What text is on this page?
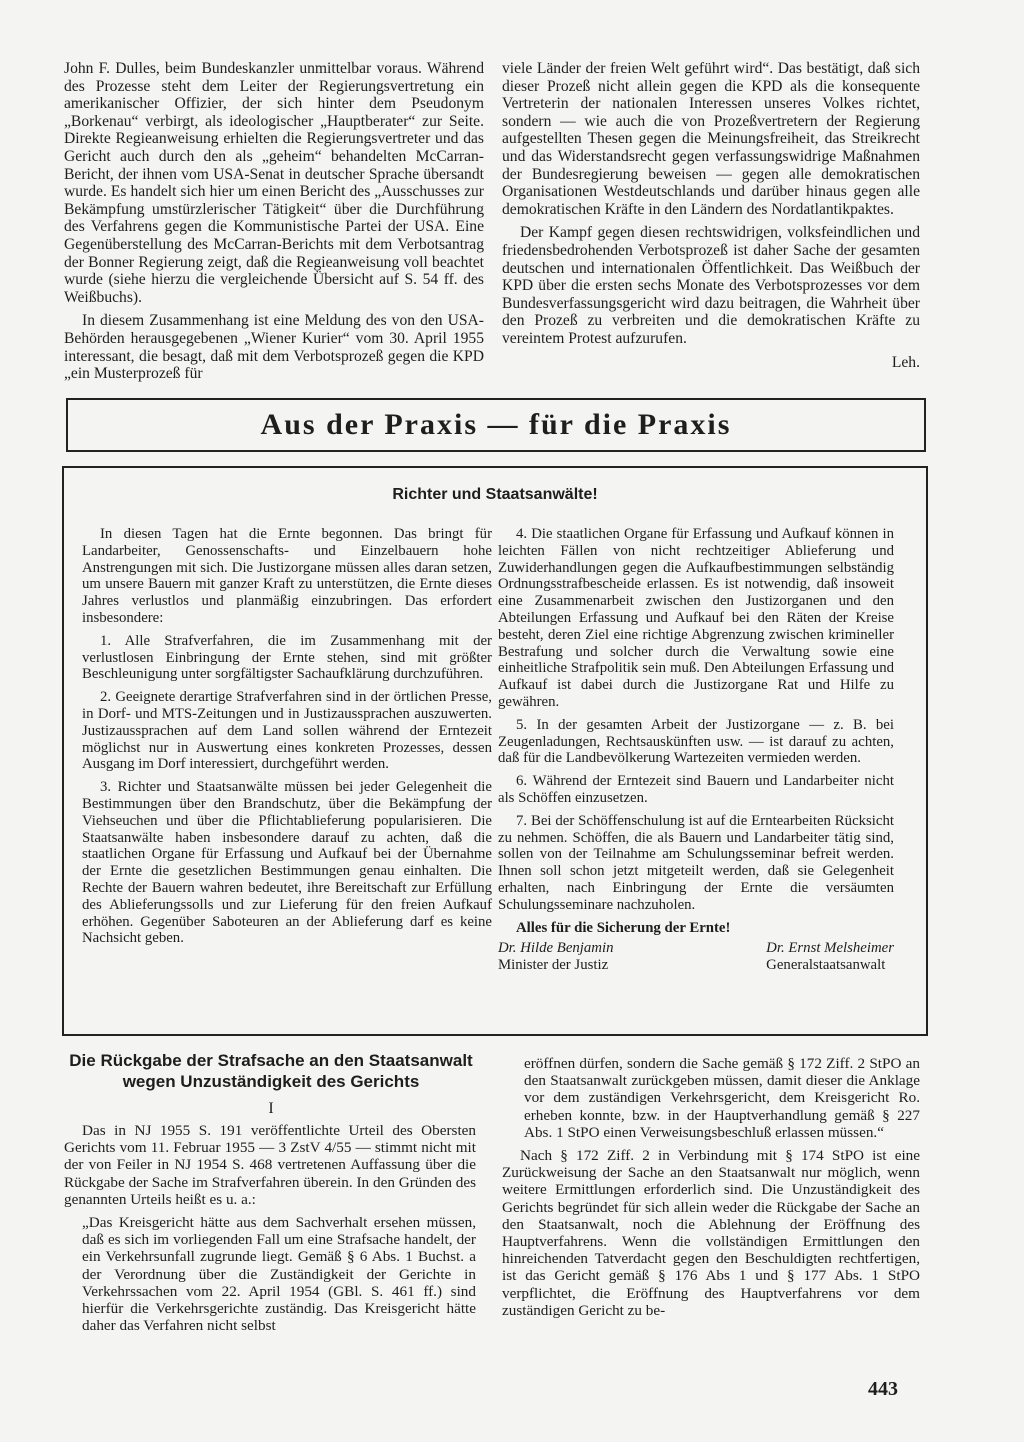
John F. Dulles, beim Bundeskanzler unmittelbar voraus. Während des Prozesse steht dem Leiter der Regierungsvertretung ein amerikanischer Offizier, der sich hinter dem Pseudonym „Borkenau“ verbirgt, als ideologischer „Hauptberater“ zur Seite. Direkte Regieanweisung erhielten die Regierungsvertreter und das Gericht auch durch den als „geheim“ behandelten McCarran-Bericht, der ihnen vom USA-Senat in deutscher Sprache übersandt wurde. Es handelt sich hier um einen Bericht des „Ausschusses zur Bekämpfung umstürzlerischer Tätigkeit“ über die Durchführung des Verfahrens gegen die Kommunistische Partei der USA. Eine Gegenüberstellung des McCarran-Berichts mit dem Verbotsantrag der Bonner Regierung zeigt, daß die Regieanweisung voll beachtet wurde (siehe hierzu die vergleichende Übersicht auf S. 54 ff. des Weißbuchs).

In diesem Zusammenhang ist eine Meldung des von den USA-Behörden herausgegebenen „Wiener Kurier“ vom 30. April 1955 interessant, die besagt, daß mit dem Verbotsprozeß gegen die KPD „ein Musterprozeß für

viele Länder der freien Welt geführt wird“. Das bestätigt, daß sich dieser Prozeß nicht allein gegen die KPD als die konsequente Vertreterin der nationalen Interessen unseres Volkes richtet, sondern — wie auch die von Prozeßvertretern der Regierung aufgestellten Thesen gegen die Meinungsfreiheit, das Streikrecht und das Widerstandsrecht gegen verfassungswidrige Maßnahmen der Bundesregierung beweisen — gegen alle demokratischen Organisationen Westdeutschlands und darüber hinaus gegen alle demokratischen Kräfte in den Ländern des Nordatlantikpaktes.

Der Kampf gegen diesen rechtswidrigen, volksfeindlichen und friedensbedrohenden Verbotsprozeß ist daher Sache der gesamten deutschen und internationalen Öffentlichkeit. Das Weißbuch der KPD über die ersten sechs Monate des Verbotsprozesses vor dem Bundesverfassungsgericht wird dazu beitragen, die Wahrheit über den Prozeß zu verbreiten und die demokratischen Kräfte zu vereintem Protest aufzurufen.

Leh.

Aus der Praxis — für die Praxis
Richter und Staatsanwälte!

In diesen Tagen hat die Ernte begonnen. Das bringt für Landarbeiter, Genossenschafts- und Einzelbauern hohe Anstrengungen mit sich. Die Justizorgane müssen alles daran setzen, um unsere Bauern mit ganzer Kraft zu unterstützen, die Ernte dieses Jahres verlustlos und planmäßig einzubringen. Das erfordert insbesondere:

1. Alle Strafverfahren, die im Zusammenhang mit der verlustlosen Einbringung der Ernte stehen, sind mit größter Beschleunigung unter sorgfältigster Sachaufklärung durchzuführen.

2. Geeignete derartige Strafverfahren sind in der örtlichen Presse, in Dorf- und MTS-Zeitungen und in Justizaussprachen auszuwerten. Justizaussprachen auf dem Land sollen während der Erntezeit möglichst nur in Auswertung eines konkreten Prozesses, dessen Ausgang im Dorf interessiert, durchgeführt werden.

3. Richter und Staatsanwälte müssen bei jeder Gelegenheit die Bestimmungen über den Brandschutz, über die Bekämpfung der Viehseuchen und über die Pflichtablieferung popularisieren. Die Staatsanwälte haben insbesondere darauf zu achten, daß die staatlichen Organe für Erfassung und Aufkauf bei der Übernahme der Ernte die gesetzlichen Bestimmungen genau einhalten. Die Rechte der Bauern wahren bedeutet, ihre Bereitschaft zur Erfüllung des Ablieferungssolls und zur Lieferung für den freien Aufkauf erhöhen. Gegenüber Saboteuren an der Ablieferung darf es keine Nachsicht geben.

4. Die staatlichen Organe für Erfassung und Aufkauf können in leichten Fällen von nicht rechtzeitiger Ablieferung und Zuwiderhandlungen gegen die Aufkaufbestimmungen selbständig Ordnungsstrafbescheide erlassen. Es ist notwendig, daß insoweit eine Zusammenarbeit zwischen den Justizorganen und den Abteilungen Erfassung und Aufkauf bei den Räten der Kreise besteht, deren Ziel eine richtige Abgrenzung zwischen krimineller Bestrafung und solcher durch die Verwaltung sowie eine einheitliche Strafpolitik sein muß. Den Abteilungen Erfassung und Aufkauf ist dabei durch die Justizorgane Rat und Hilfe zu gewähren.

5. In der gesamten Arbeit der Justizorgane — z. B. bei Zeugenladungen, Rechtsauskünften usw. — ist darauf zu achten, daß für die Landbevölkerung Wartezeiten vermieden werden.

6. Während der Erntezeit sind Bauern und Landarbeiter nicht als Schöffen einzusetzen.

7. Bei der Schöffenschulung ist auf die Erntearbeiten Rücksicht zu nehmen. Schöffen, die als Bauern und Landarbeiter tätig sind, sollen von der Teilnahme am Schulungsseminar befreit werden. Ihnen soll schon jetzt mitgeteilt werden, daß sie Gelegenheit erhalten, nach Einbringung der Ernte die versäumten Schulungsseminare nachzuholen.

Alles für die Sicherung der Ernte!
Dr. Hilde Benjamin
Minister der Justiz
Dr. Ernst Melsheimer
Generalstaatsanwalt
Die Rückgabe der Strafsache an den Staatsanwalt wegen Unzuständigkeit des Gerichts
I

Das in NJ 1955 S. 191 veröffentlichte Urteil des Obersten Gerichts vom 11. Februar 1955 — 3 ZstV 4/55 — stimmt nicht mit der von Feiler in NJ 1954 S. 468 vertretenen Auffassung über die Rückgabe der Sache im Strafverfahren überein. In den Gründen des genannten Urteils heißt es u. a.:

„Das Kreisgericht hätte aus dem Sachverhalt ersehen müssen, daß es sich im vorliegenden Fall um eine Strafsache handelt, der ein Verkehrsunfall zugrunde liegt. Gemäß § 6 Abs. 1 Buchst. a der Verordnung über die Zuständigkeit der Gerichte in Verkehrssachen vom 22. April 1954 (GBl. S. 461 ff.) sind hierfür die Verkehrsgerichte zuständig. Das Kreisgericht hätte daher das Verfahren nicht selbst

eröffnen dürfen, sondern die Sache gemäß § 172 Ziff. 2 StPO an den Staatsanwalt zurückgeben müssen, damit dieser die Anklage vor dem zuständigen Verkehrsgericht, dem Kreisgericht Ro. erheben konnte, bzw. in der Hauptverhandlung gemäß § 227 Abs. 1 StPO einen Verweisungsbeschluß erlassen müssen.“

Nach § 172 Ziff. 2 in Verbindung mit § 174 StPO ist eine Zurückweisung der Sache an den Staatsanwalt nur möglich, wenn weitere Ermittlungen erforderlich sind. Die Unzuständigkeit des Gerichts begründet für sich allein weder die Rückgabe der Sache an den Staatsanwalt, noch die Ablehnung der Eröffnung des Hauptverfahrens. Wenn die vollständigen Ermittlungen den hinreichenden Tatverdacht gegen den Beschuldigten rechtfertigen, ist das Gericht gemäß § 176 Abs 1 und § 177 Abs. 1 StPO verpflichtet, die Eröffnung des Hauptverfahrens vor dem zuständigen Gericht zu be-

443
